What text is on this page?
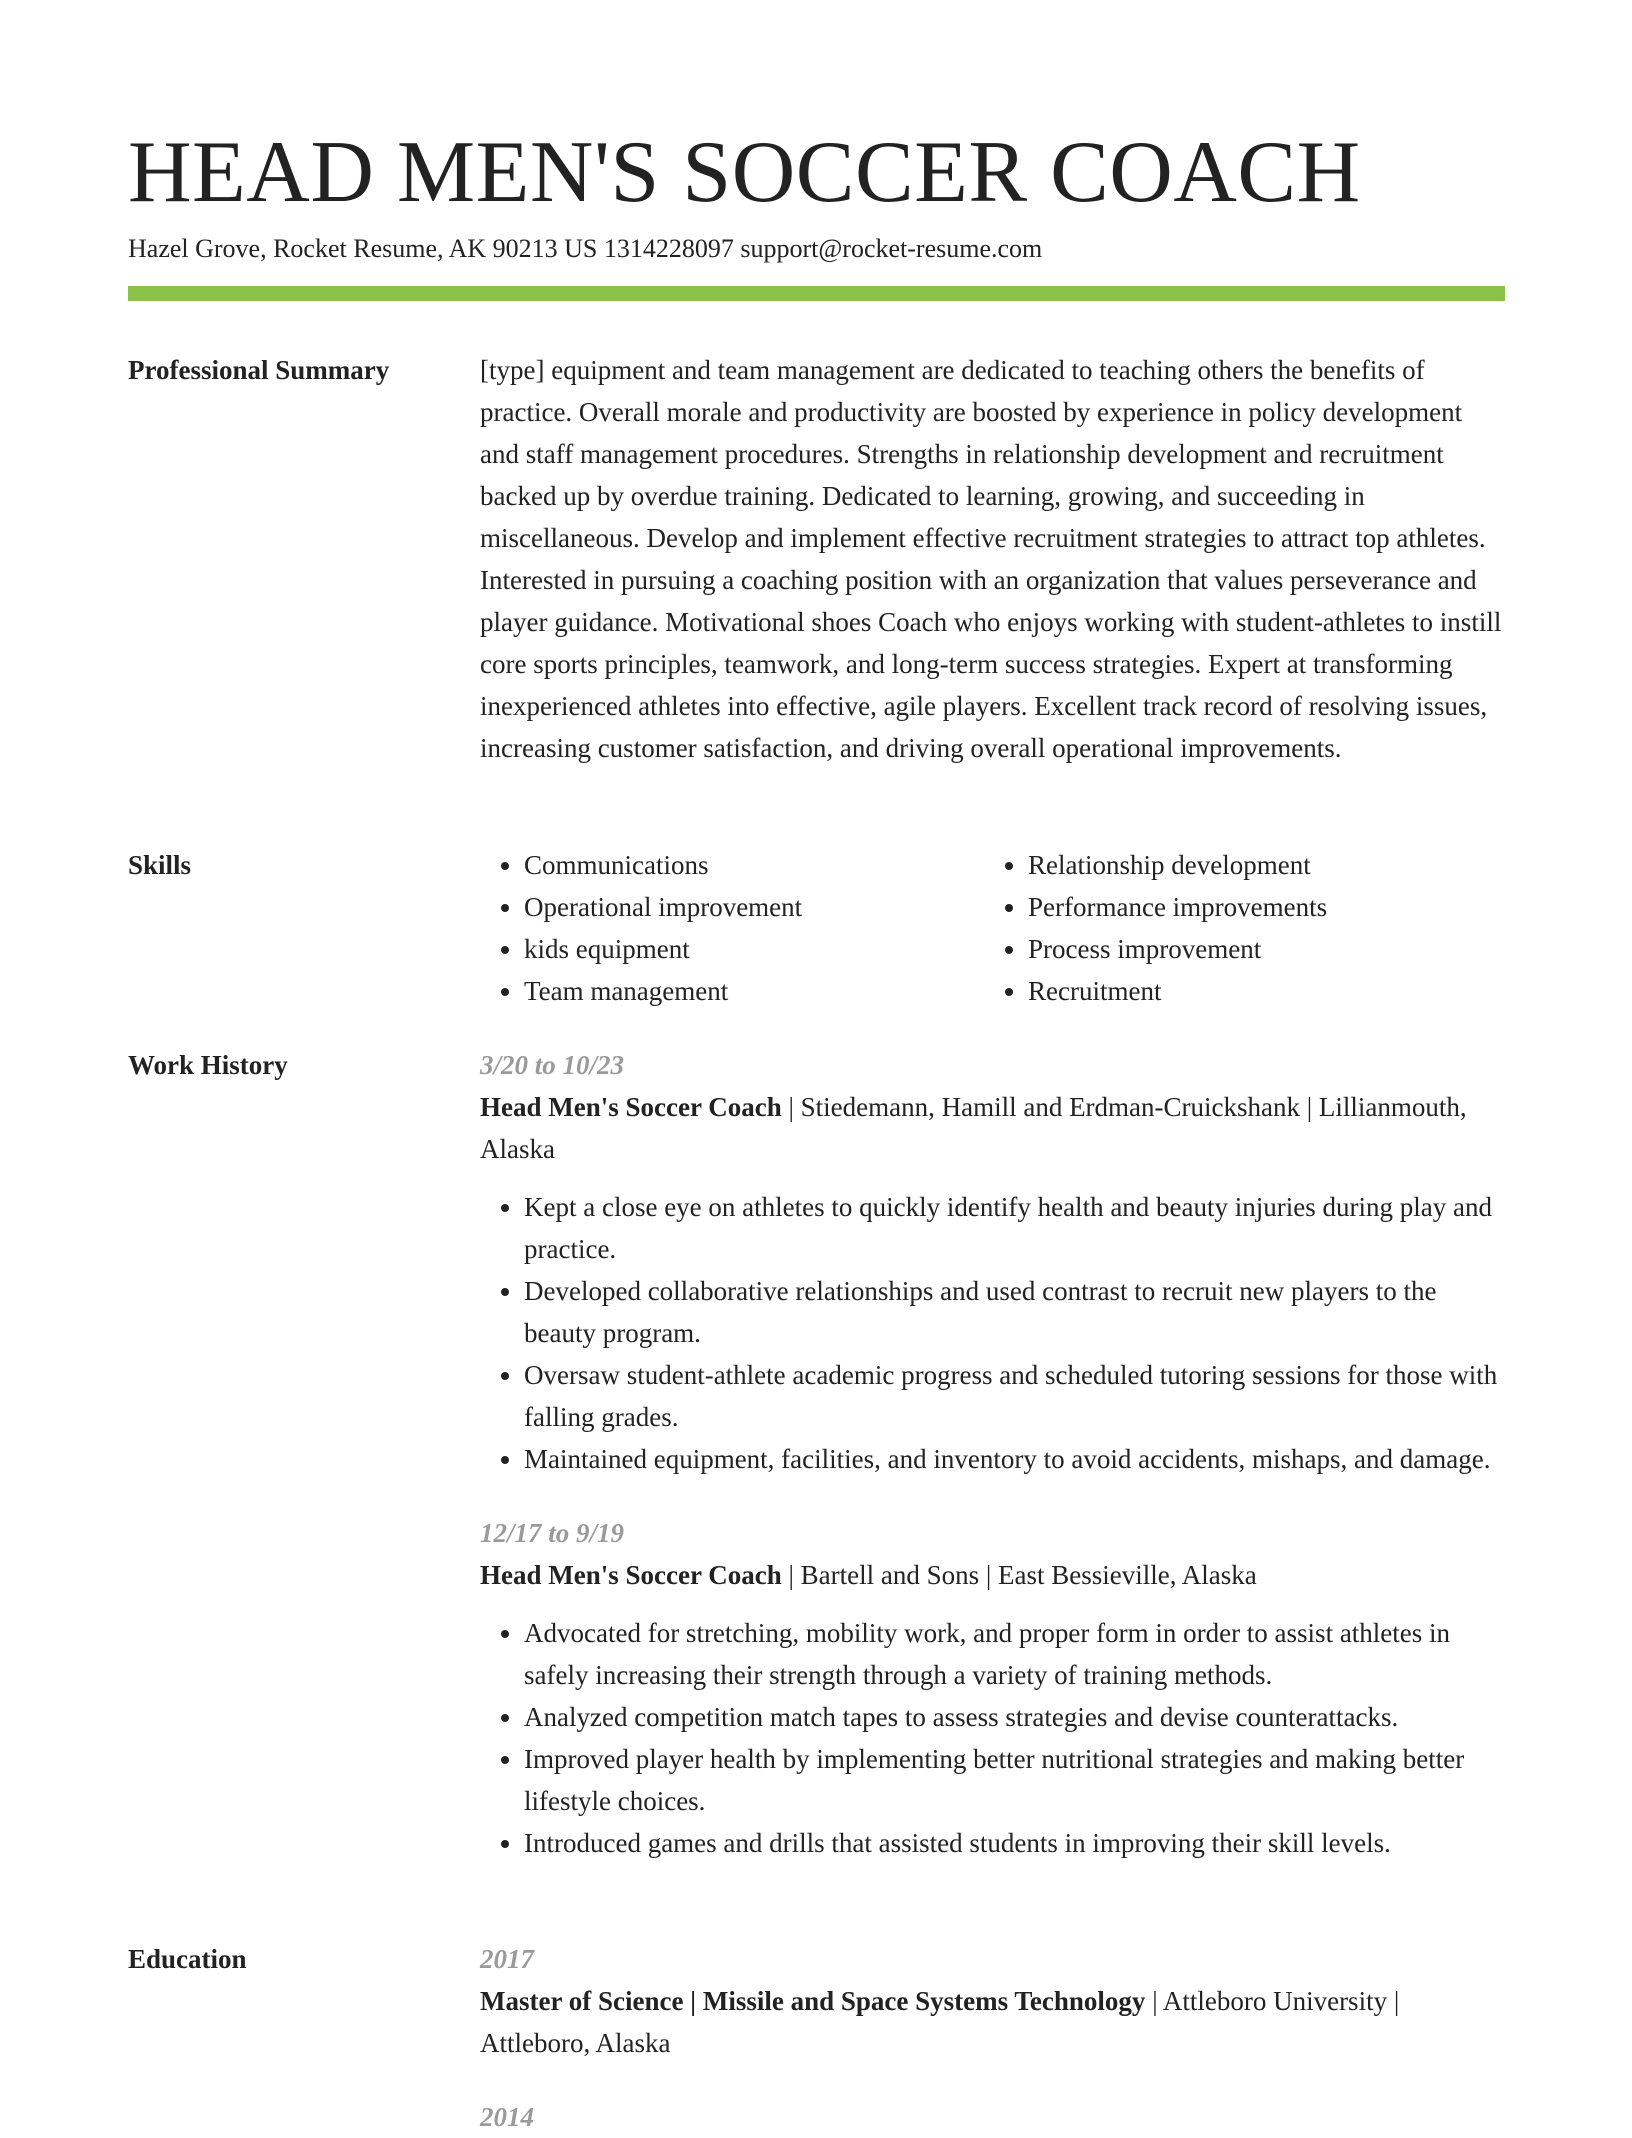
HEAD MEN'S SOCCER COACH
Hazel Grove, Rocket Resume, AK 90213 US 1314228097 support@rocket-resume.com
Professional Summary	[type] equipment and team management are dedicated to teaching others the benefits of practice. Overall morale and productivity are boosted by experience in policy development and staff management procedures. Strengths in relationship development and recruitment backed up by overdue training. Dedicated to learning, growing, and succeeding in miscellaneous. Develop and implement effective recruitment strategies to attract top athletes. Interested in pursuing a coaching position with an organization that values perseverance and player guidance. Motivational shoes Coach who enjoys working with student-athletes to instill core sports principles, teamwork, and long-term success strategies. Expert at transforming inexperienced athletes into effective, agile players. Excellent track record of resolving issues, increasing customer satisfaction, and driving overall operational improvements.

Skills
•	Communications
• Operational improvement
• kids equipment
• Team management
• Relationship development
• Performance improvements
• Process improvement
• Recruitment
Work History	3/20 to 10/23
Head Men's Soccer Coach | Stiedemann, Hamill and Erdman-Cruickshank | Lillianmouth, Alaska
• Kept a close eye on athletes to quickly identify health and beauty injuries during play and practice.
• Developed collaborative relationships and used contrast to recruit new players to the beauty program.
• Oversaw student-athlete academic progress and scheduled tutoring sessions for those with falling grades.
• Maintained equipment, facilities, and inventory to avoid accidents, mishaps, and damage.
12/17 to 9/19
Head Men's Soccer Coach | Bartell and Sons | East Bessieville, Alaska
• Advocated for stretching, mobility work, and proper form in order to assist athletes in safely increasing their strength through a variety of training methods.
• Analyzed competition match tapes to assess strategies and devise counterattacks.
• Improved player health by implementing better nutritional strategies and making better lifestyle choices.
• Introduced games and drills that assisted students in improving their skill levels.
Education	2017
Master of Science | Missile and Space Systems Technology | Attleboro University | Attleboro, Alaska
2014
